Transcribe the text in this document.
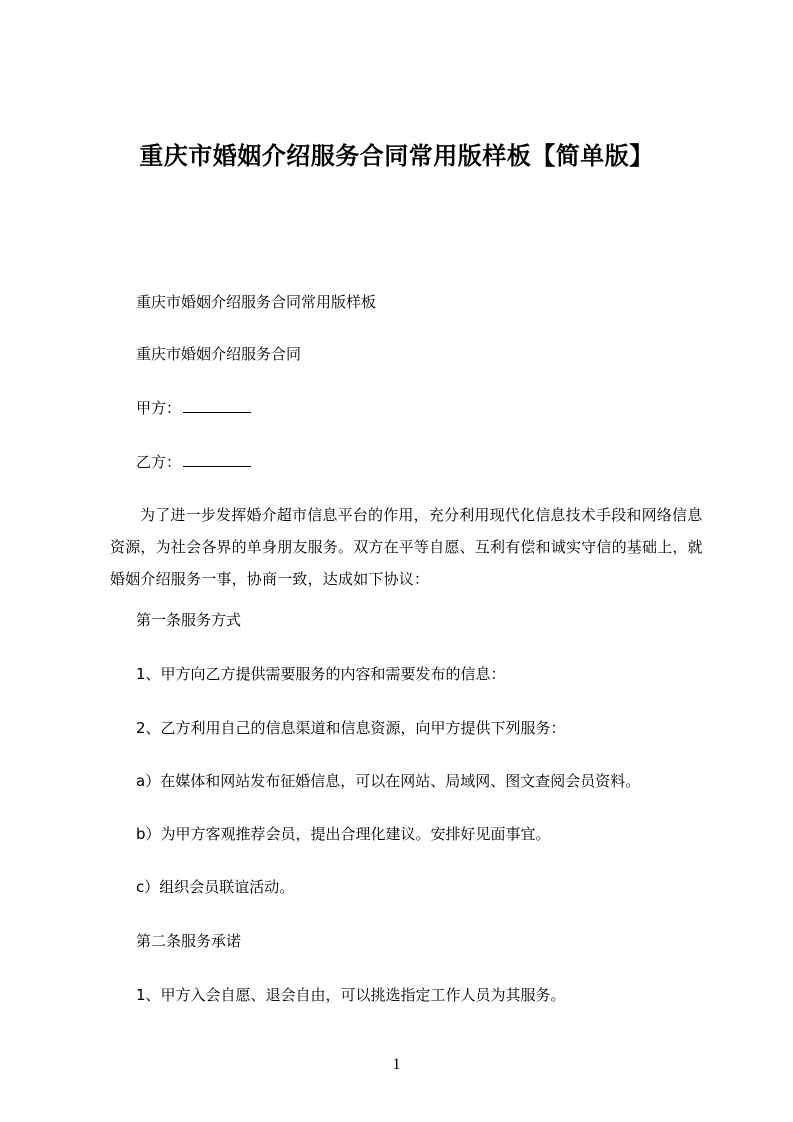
重庆市婚姻介绍服务合同常用版样板【简单版】
重庆市婚姻介绍服务合同常用版样板
重庆市婚姻介绍服务合同
甲方：
乙方：
为了进一步发挥婚介超市信息平台的作用，充分利用现代化信息技术手段和网络信息资源，为社会各界的单身朋友服务。双方在平等自愿、互利有偿和诚实守信的基础上，就婚姻介绍服务一事，协商一致，达成如下协议：
第一条服务方式
1、甲方向乙方提供需要服务的内容和需要发布的信息：
2、乙方利用自己的信息渠道和信息资源，向甲方提供下列服务：
a）在媒体和网站发布征婚信息，可以在网站、局域网、图文查阅会员资料。
b）为甲方客观推荐会员，提出合理化建议。安排好见面事宜。
c）组织会员联谊活动。
第二条服务承诺
1、甲方入会自愿、退会自由，可以挑选指定工作人员为其服务。
1
